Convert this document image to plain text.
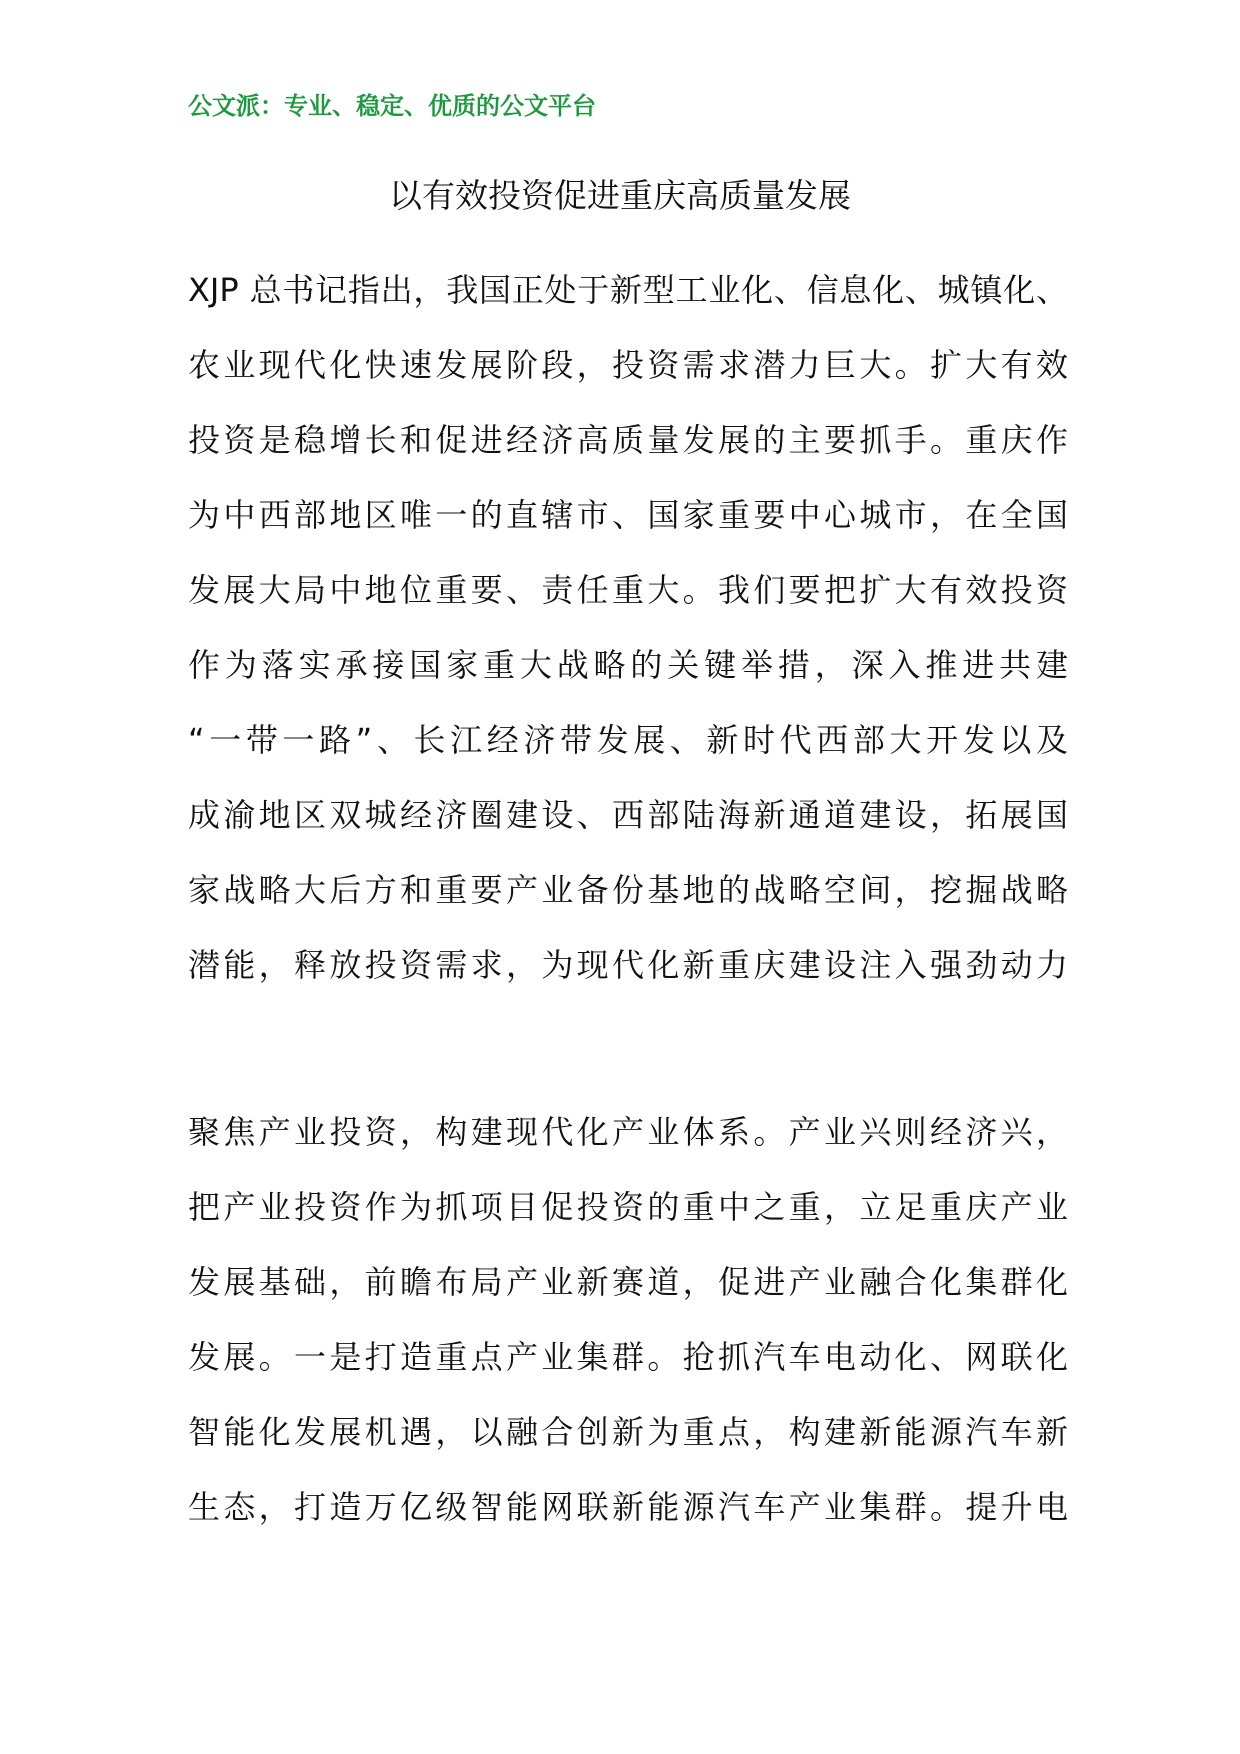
公文派：专业、稳定、优质的公文平台
以有效投资促进重庆高质量发展
XJP 总书记指出，我国正处于新型工业化、信息化、城镇化、
农业现代化快速发展阶段，投资需求潜力巨大。扩大有效
投资是稳增长和促进经济高质量发展的主要抓手。重庆作
为中西部地区唯一的直辖市、国家重要中心城市，在全国
发展大局中地位重要、责任重大。我们要把扩大有效投资
作为落实承接国家重大战略的关键举措，深入推进共建
“一带一路”、长江经济带发展、新时代西部大开发以及
成渝地区双城经济圈建设、西部陆海新通道建设，拓展国
家战略大后方和重要产业备份基地的战略空间，挖掘战略
潜能，释放投资需求，为现代化新重庆建设注入强劲动力
聚焦产业投资，构建现代化产业体系。产业兴则经济兴，
把产业投资作为抓项目促投资的重中之重，立足重庆产业
发展基础，前瞻布局产业新赛道，促进产业融合化集群化
发展。一是打造重点产业集群。抢抓汽车电动化、网联化
智能化发展机遇，以融合创新为重点，构建新能源汽车新
生态，打造万亿级智能网联新能源汽车产业集群。提升电
